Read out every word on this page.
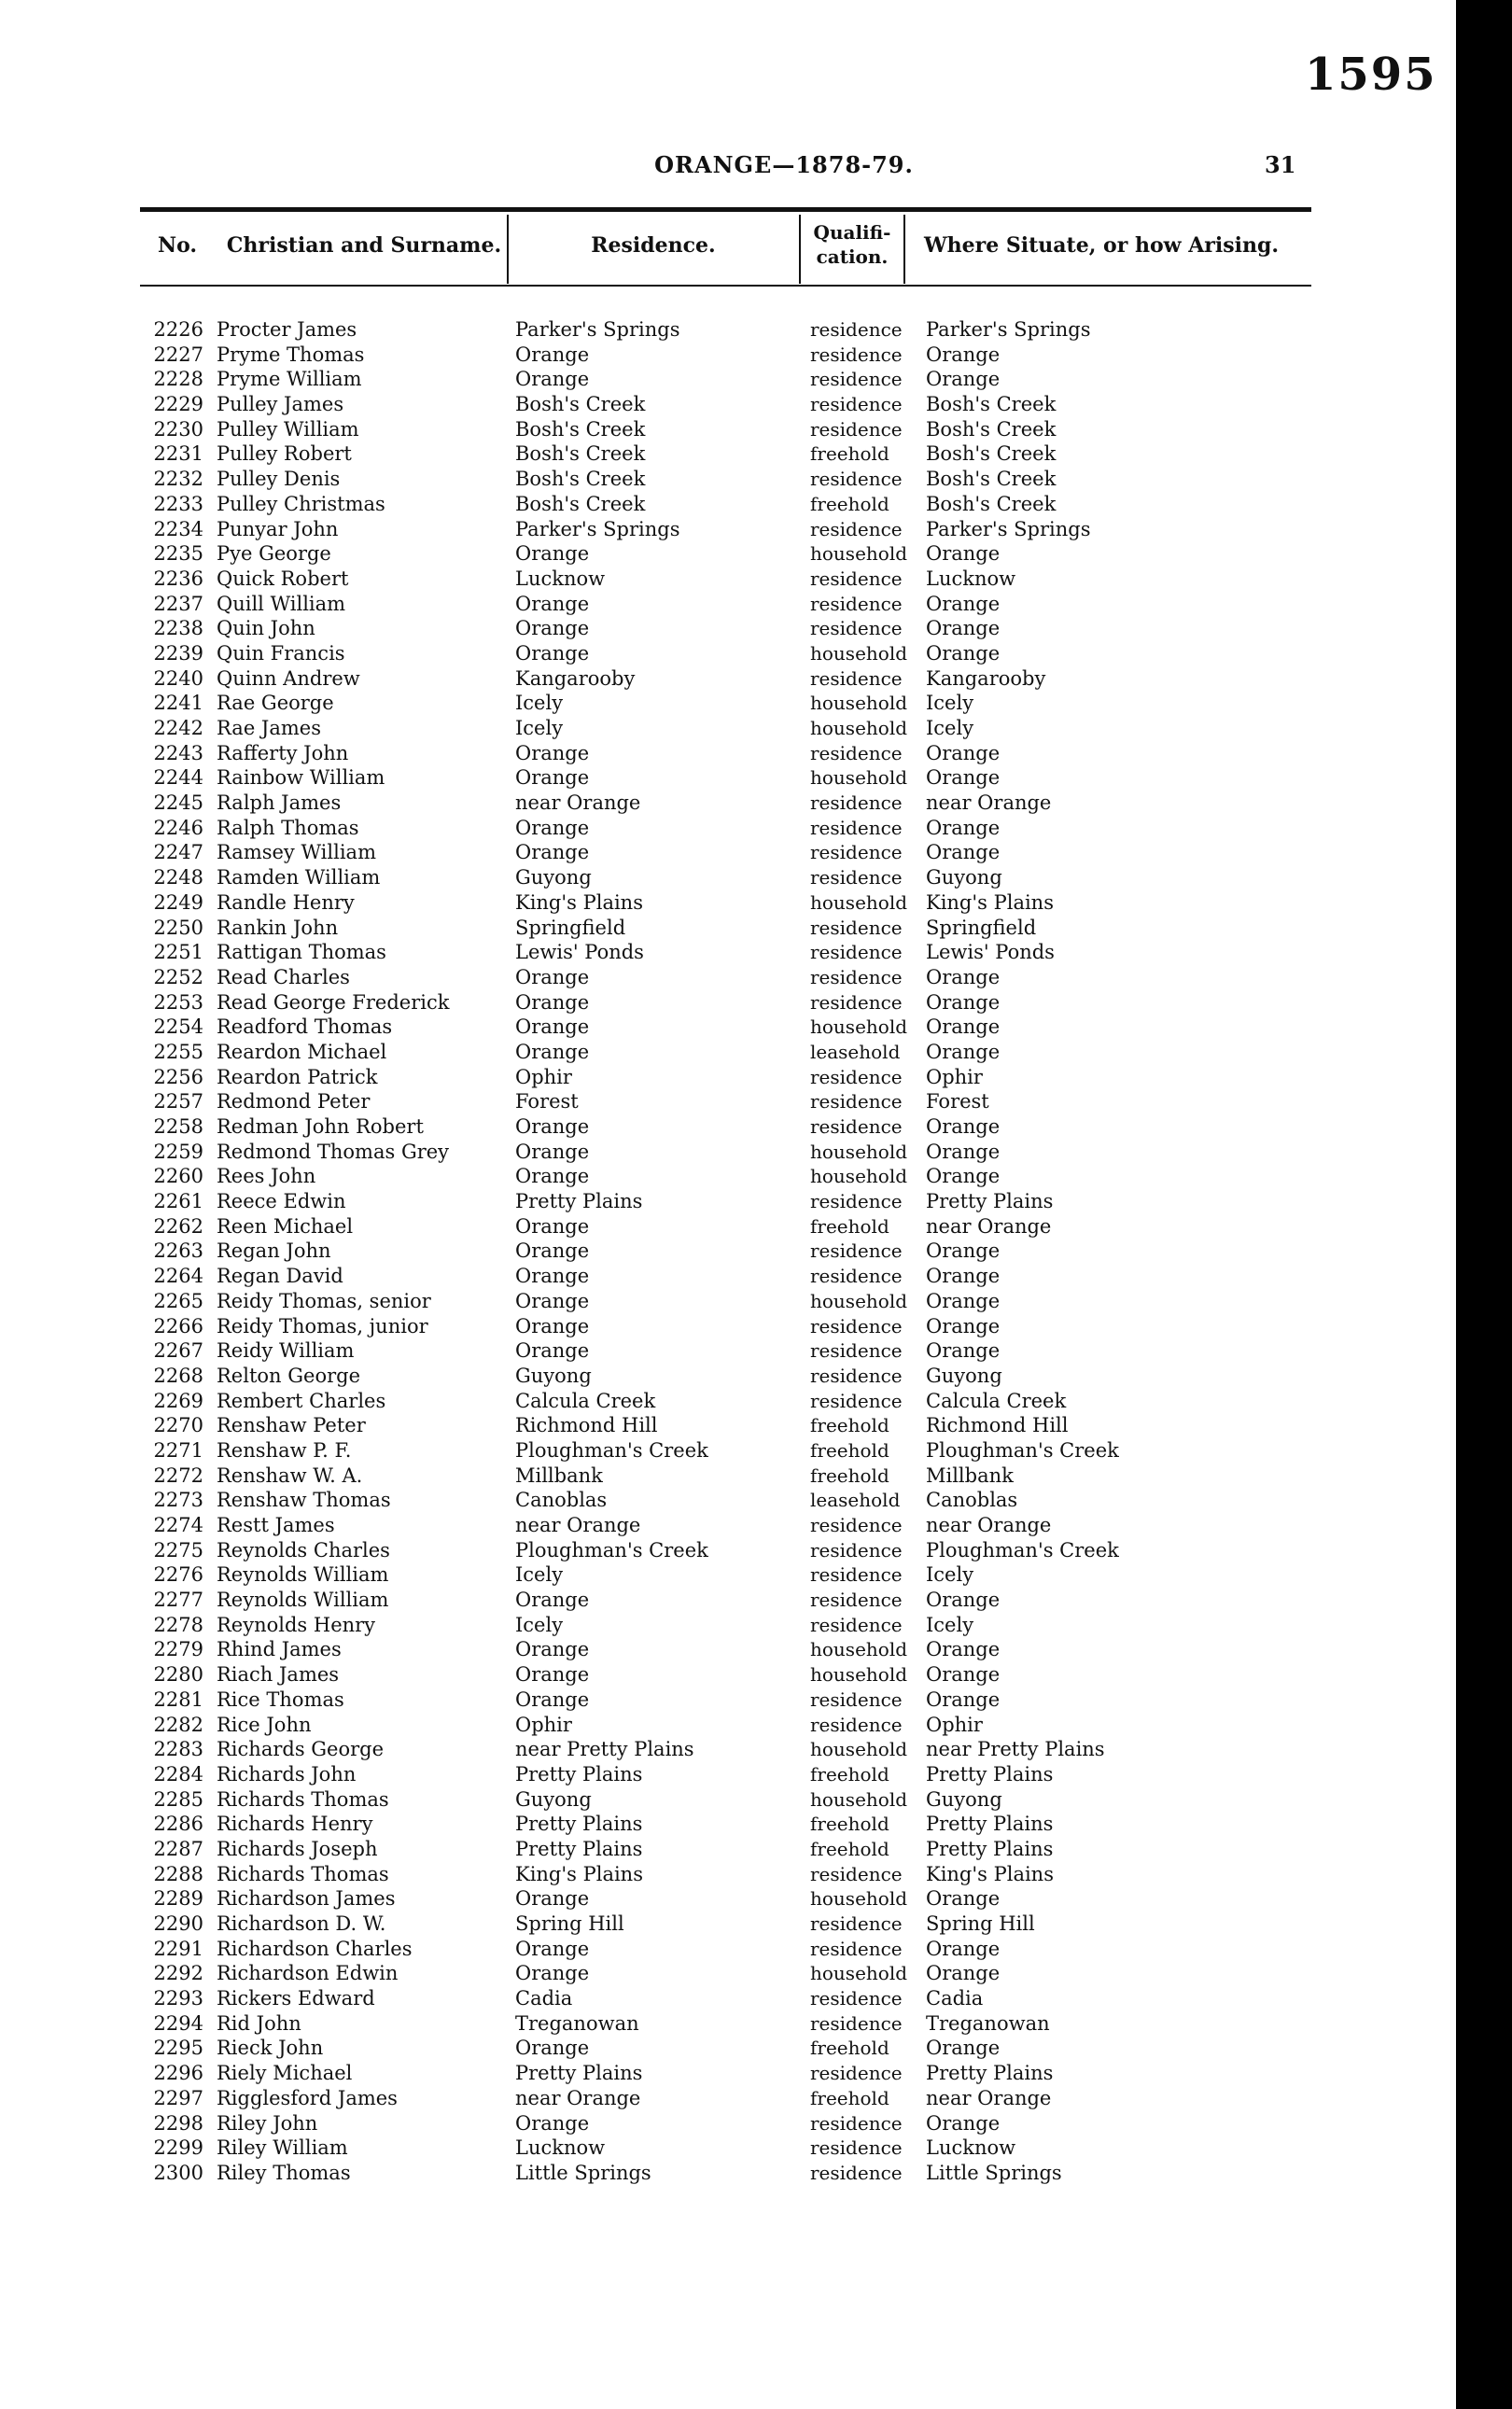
1595
ORANGE—1878-79.	31
No.	Christian and Surname.	Residence.
Qualifi-
cation.	Where Situate, or how Arising.
2226 Procter James	Parker's Springs	residence Parker's Springs
2227 Pryme Thomas	Orange	residence Orange
2228 Pryme William	Orange	residence Orange
2229 Pulley James	Bosh's Creek	residence Bosh's Creek
2230 Pulley William	Bosh's Creek	residence Bosh's Creek
2231 Pulley Robert	Bosh's Creek	freehold Bosh's Creek
2232 Pulley Denis	Bosh's Creek	residence Bosh's Creek
2233 Pulley Christmas	Bosh's Creek	freehold Bosh's Creek
2234 Punyar John	Parker's Springs	residence Parker's Springs
2235 Pye George	Orange	household Orange
2236 Quick Robert	Lucknow	residence Lucknow
2237 Quill William	Orange	residence Orange
2238 Quin John	Orange	residence Orange
2239 Quin Francis	Orange	household Orange
2240 Quinn Andrew	Kangarooby	residence Kangarooby
2241 Rae George	Icely	household Icely
2242 Rae James	Icely	household Icely
2243 Rafferty John	Orange	residence Orange
2244 Rainbow William	Orange	household Orange
2245 Ralph James	near Orange	residence near Orange
2246 Ralph Thomas	Orange	residence Orange
2247 Ramsey William	Orange	residence Orange
2248 Ramden William	Guyong	residence Guyong
2249 Randle Henry	King's Plains	household King's Plains
2250 Rankin John	Springfield	residence Springfield
2251 Rattigan Thomas	Lewis' Ponds	residence Lewis' Ponds
2252 Read Charles	Orange	residence Orange
2253 Read George Frederick	Orange	residence Orange
2254 Readford Thomas	Orange	household Orange
2255 Reardon Michael	Orange	leasehold Orange
2256 Reardon Patrick	Ophir	residence Ophir
2257 Redmond Peter	Forest	residence Forest
2258 Redman John Robert	Orange	residence Orange
2259 Redmond Thomas Grey	Orange	household Orange
2260 Rees John	Orange	household Orange
2261 Reece Edwin	Pretty Plains	residence Pretty Plains
2262 Reen Michael	Orange	freehold near Orange
2263 Regan John	Orange	residence Orange
2264 Regan David	Orange	residence Orange
2265 Reidy Thomas, senior	Orange	household Orange
2266 Reidy Thomas, junior	Orange	residence Orange
2267 Reidy William	Orange	residence Orange
2268 Relton George	Guyong	residence Guyong
2269 Rembert Charles	Calcula Creek	residence Calcula Creek
2270 Renshaw Peter	Richmond Hill	freehold Richmond Hill
2271 Renshaw P. F.	Ploughman's Creek	freehold Ploughman's Creek
2272 Renshaw W. A.	Millbank	freehold Millbank
2273 Renshaw Thomas	Canoblas	leasehold Canoblas
2274 Restt James	near Orange	residence near Orange
2275 Reynolds Charles	Ploughman's Creek	residence Ploughman's Creek
2276 Reynolds William	Icely	residence Icely
2277 Reynolds William	Orange	residence Orange
2278 Reynolds Henry	Icely	residence Icely
2279 Rhind James	Orange	household Orange
2280 Riach James	Orange	household Orange
2281 Rice Thomas	Orange	residence Orange
2282 Rice John	Ophir	residence Ophir
2283 Richards George	near Pretty Plains	household near Pretty Plains
2284 Richards John	Pretty Plains	freehold Pretty Plains
2285 Richards Thomas	Guyong	household Guyong
2286 Richards Henry	Pretty Plains	freehold Pretty Plains
2287 Richards Joseph	Pretty Plains	freehold Pretty Plains
2288 Richards Thomas	King's Plains	residence King's Plains
2289 Richardson James	Orange	household Orange
2290 Richardson D. W.	Spring Hill	residence Spring Hill
2291 Richardson Charles	Orange	residence Orange
2292 Richardson Edwin	Orange	household Orange
2293 Rickers Edward	Cadia	residence Cadia
2294 Rid John	Treganowan	residence Treganowan
2295 Rieck John	Orange	freehold Orange
2296 Riely Michael	Pretty Plains	residence Pretty Plains
2297 Rigglesford James	near Orange	freehold near Orange
2298 Riley John	Orange	residence Orange
2299 Riley William	Lucknow	residence Lucknow
2300 Riley Thomas	Little Springs	residence Little Springs
